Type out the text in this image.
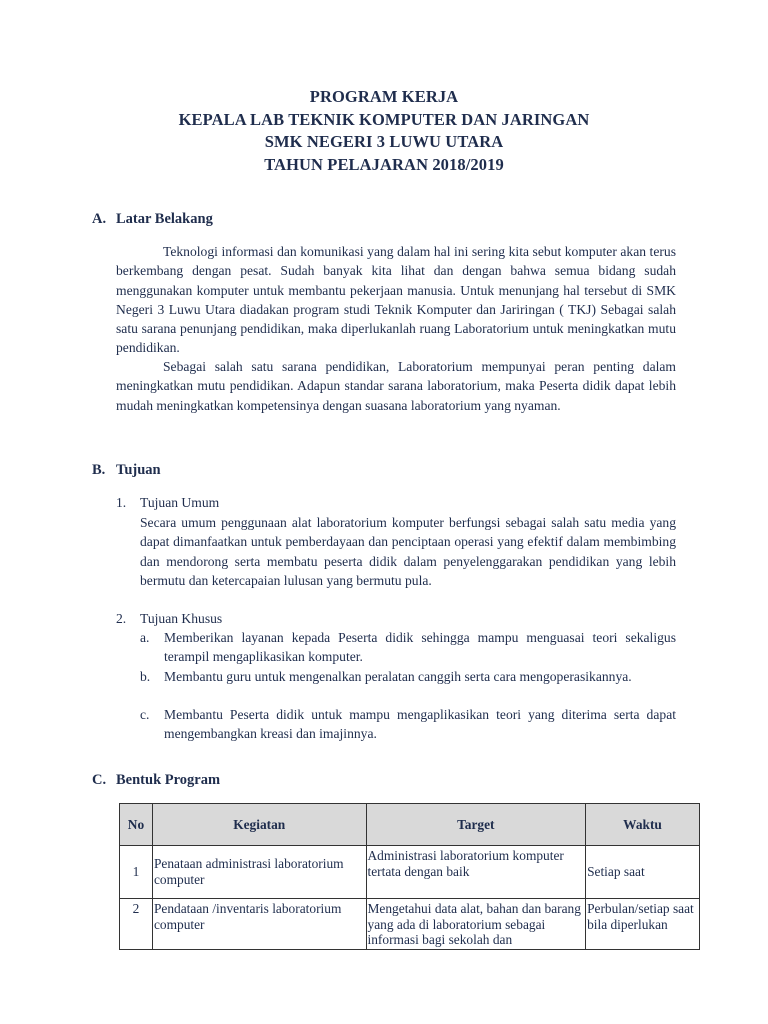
PROGRAM KERJA
KEPALA LAB TEKNIK KOMPUTER DAN JARINGAN
SMK NEGERI 3 LUWU UTARA
TAHUN PELAJARAN 2018/2019
A. Latar Belakang

Teknologi informasi dan komunikasi yang dalam hal ini sering kita sebut komputer akan terus berkembang dengan pesat. Sudah banyak kita lihat dan dengan bahwa semua bidang sudah menggunakan komputer untuk membantu pekerjaan manusia. Untuk menunjang hal tersebut di SMK Negeri 3 Luwu Utara diadakan program studi Teknik Komputer dan Jariringan ( TKJ) Sebagai salah satu sarana penunjang pendidikan, maka diperlukanlah ruang Laboratorium untuk meningkatkan mutu pendidikan.

Sebagai salah satu sarana pendidikan, Laboratorium mempunyai peran penting dalam meningkatkan mutu pendidikan. Adapun standar sarana laboratorium, maka Peserta didik dapat lebih mudah meningkatkan kompetensinya dengan suasana laboratorium yang nyaman.

B. Tujuan
1. Tujuan Umum

Secara umum penggunaan alat laboratorium komputer berfungsi sebagai salah satu media yang dapat dimanfaatkan untuk pemberdayaan dan penciptaan operasi yang efektif dalam membimbing dan mendorong serta membatu peserta didik dalam penyelenggarakan pendidikan yang lebih bermutu dan ketercapaian lulusan yang bermutu pula.

2. Tujuan Khusus
a. Memberikan layanan kepada Peserta didik sehingga mampu menguasai teori sekaligus terampil mengaplikasikan komputer.

b. Membantu guru untuk mengenalkan peralatan canggih serta cara mengoperasikannya.

c. Membantu Peserta didik untuk mampu mengaplikasikan teori yang diterima serta dapat mengembangkan kreasi dan imajinnya.

C. Bentuk Program
No	Kegiatan	Target	Waktu
1	Penataan administrasi laboratorium computer	Administrasi laboratorium komputer tertata dengan baik	Setiap saat
2	Pendataan /inventaris laboratorium computer	Mengetahui data alat, bahan dan barang yang ada di laboratorium sebagai informasi bagi sekolah dan	Perbulan/setiap saat bila diperlukan
